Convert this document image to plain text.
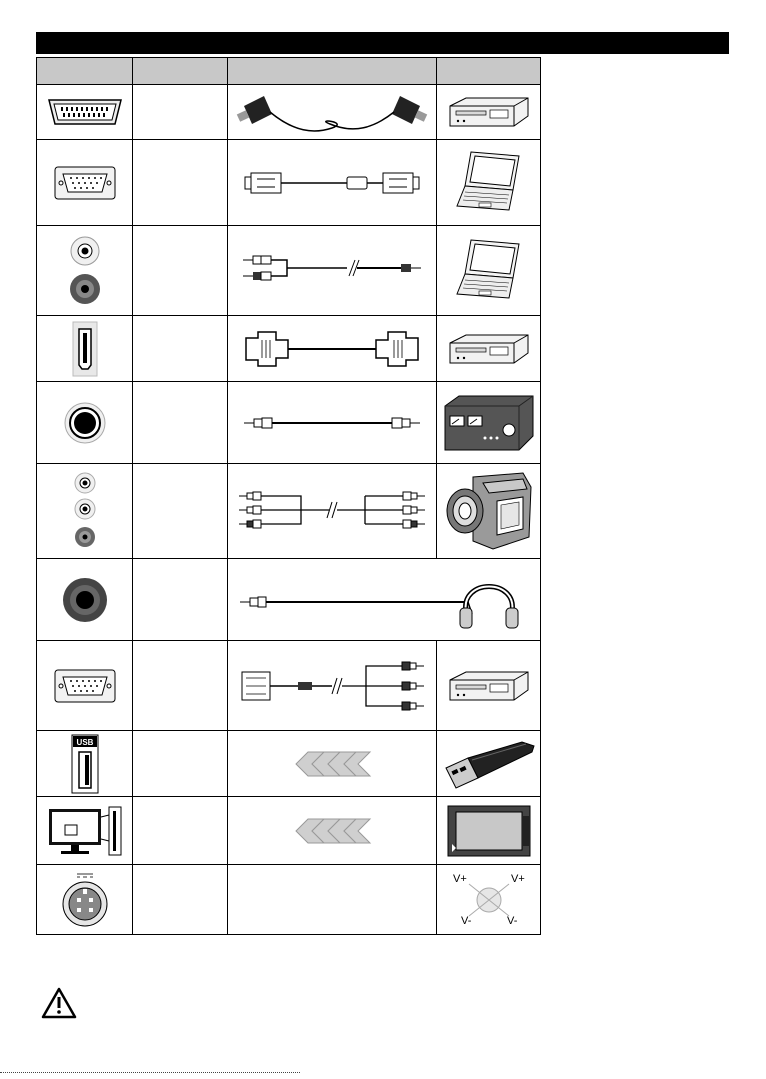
USB

V+ V+
V- V-
